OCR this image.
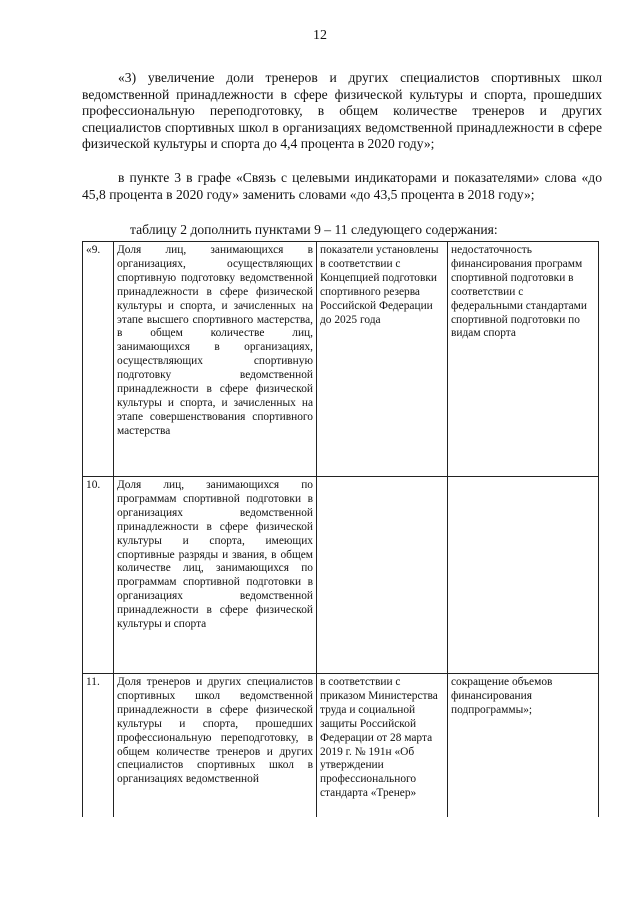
12

«3) увеличение доли тренеров и других специалистов спортивных школ ведомственной принадлежности в сфере физической культуры и спорта, прошедших профессиональную переподготовку, в общем количестве тренеров и других специалистов спортивных школ в организациях ведомственной принадлежности в сфере физической культуры и спорта до 4,4 процента в 2020 году»;

в пункте 3 в графе «Связь с целевыми индикаторами и показателями» слова «до 45,8 процента в 2020 году» заменить словами «до 43,5 процента в 2018 году»;

таблицу 2 дополнить пунктами 9 – 11 следующего содержания:

«9.	Доля лиц, занимающихся в организациях, осуществляющих спортивную подготовку ведомственной принадлежности в сфере физической культуры и спорта, и зачисленных на этапе высшего спортивного мастерства, в общем количестве лиц, занимающихся в организациях, осуществляющих спортивную подготовку ведомственной принадлежности в сфере физической культуры и спорта, и зачисленных на этапе совершенствования спортивного мастерства	показатели установлены в соответствии с Концепцией подготовки спортивного резерва Российской Федерации до 2025 года	недостаточность финансирования программ спортивной подготовки в соответствии с федеральными стандартами спортивной подготовки по видам спорта
10.	Доля лиц, занимающихся по программам спортивной подготовки в организациях ведомственной принадлежности в сфере физической культуры и спорта, имеющих спортивные разряды и звания, в общем количестве лиц, занимающихся по программам спортивной подготовки в организациях ведомственной принадлежности в сфере физической культуры и спорта		
11.	Доля тренеров и других специалистов спортивных школ ведомственной принадлежности в сфере физической культуры и спорта, прошедших профессиональную переподготовку, в общем количестве тренеров и других специалистов спортивных школ в организациях ведомственной	в соответствии с приказом Министерства труда и социальной защиты Российской Федерации от 28 марта 2019 г. № 191н «Об утверждении профессионального стандарта «Тренер»	сокращение объемов финансирования подпрограммы»;
